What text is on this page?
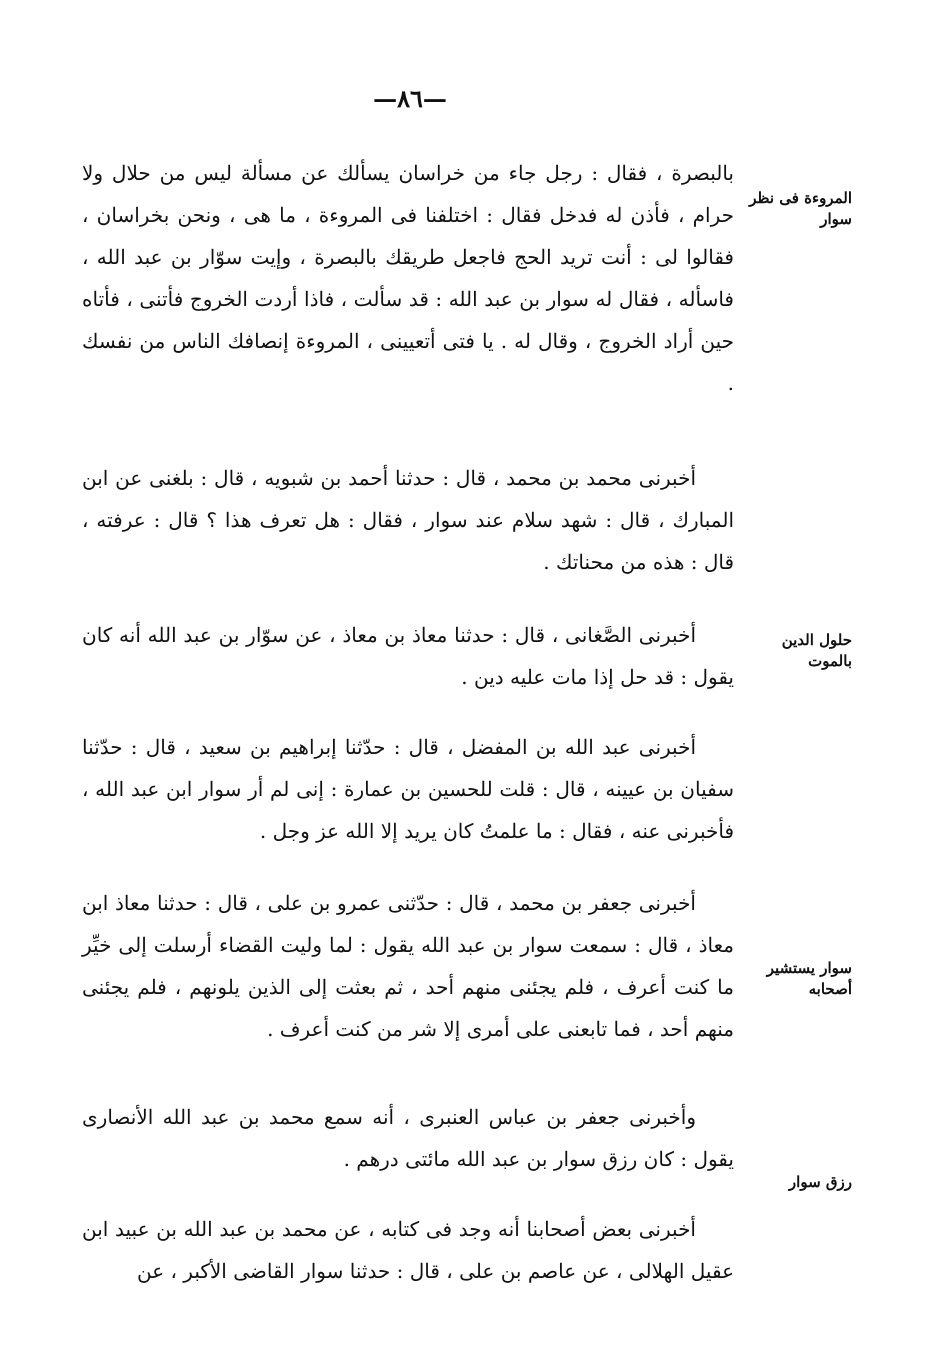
—٨٦—
المروءة فى نظر سوار
حلول الدين بالموت
سوار يستشير أصحابه
رزق سوار

بالبصرة ، فقال : رجل جاء من خراسان يسألك عن مسألة ليس من حلال ولا حرام ، فأذن له فدخل فقال : اختلفنا فى المروءة ، ما هى ، ونحن بخراسان ، فقالوا لى : أنت تريد الحج فاجعل طريقك بالبصرة ، وإيت سوّار بن عبد الله ، فاسأله ، فقال له سوار بن عبد الله : قد سألت ، فاذا أردت الخروج فأتنى ، فأتاه حين أراد الخروج ، وقال له . يا فتى أتعيينى ، المروءة إنصافك الناس من نفسك .

أخبرنى محمد بن محمد ، قال : حدثنا أحمد بن شبويه ، قال : بلغنى عن ابن المبارك ، قال : شهد سلام عند سوار ، فقال : هل تعرف هذا ؟ قال : عرفته ، قال : هذه من محناتك .

أخبرنى الصَّغانى ، قال : حدثنا معاذ بن معاذ ، عن سوّار بن عبد الله أنه كان يقول : قد حل إذا مات عليه دين .

أخبرنى عبد الله بن المفضل ، قال : حدّثنا إبراهيم بن سعيد ، قال : حدّثنا سفيان بن عيينه ، قال : قلت للحسين بن عمارة : إنى لم أر سوار ابن عبد الله ، فأخبرنى عنه ، فقال : ما علمتُ كان يريد إلا الله عز وجل .

أخبرنى جعفر بن محمد ، قال : حدّثنى عمرو بن على ، قال : حدثنا معاذ ابن معاذ ، قال : سمعت سوار بن عبد الله يقول : لما وليت القضاء أرسلت إلى خيِّر ما كنت أعرف ، فلم يجئنى منهم أحد ، ثم بعثت إلى الذين يلونهم ، فلم يجئنى منهم أحد ، فما تابعنى على أمرى إلا شر من كنت أعرف .

وأخبرنى جعفر بن عباس العنبرى ، أنه سمع محمد بن عبد الله الأنصارى يقول : كان رزق سوار بن عبد الله مائتى درهم .

أخبرنى بعض أصحابنا أنه وجد فى كتابه ، عن محمد بن عبد الله بن عبيد ابن عقيل الهلالى ، عن عاصم بن على ، قال : حدثنا سوار القاضى الأكبر ، عن
